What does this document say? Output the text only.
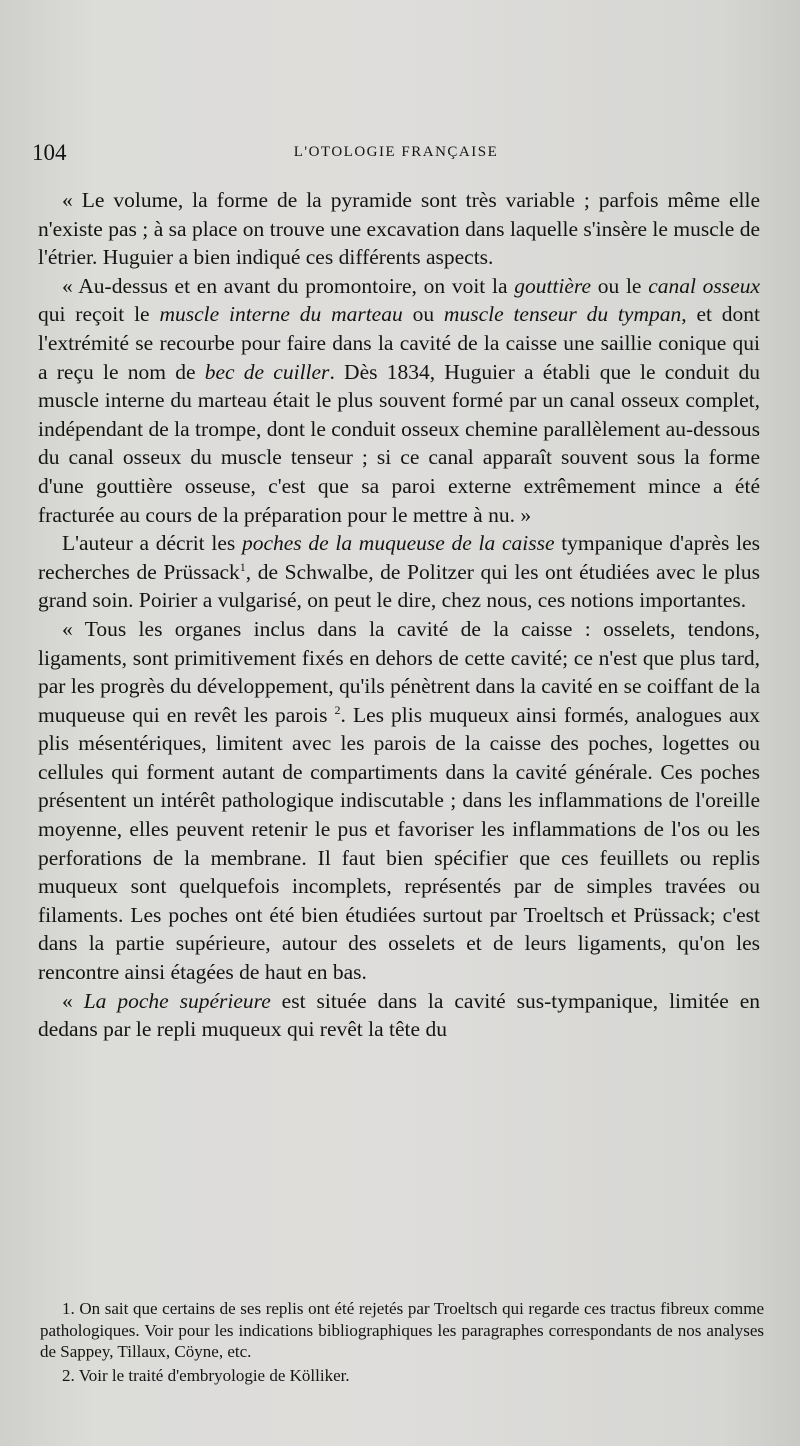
104	L'OTOLOGIE FRANÇAISE

« Le volume, la forme de la pyramide sont très variable ; parfois même elle n'existe pas ; à sa place on trouve une excavation dans laquelle s'insère le muscle de l'étrier. Huguier a bien indiqué ces différents aspects.

« Au-dessus et en avant du promontoire, on voit la gouttière ou le canal osseux qui reçoit le muscle interne du marteau ou muscle tenseur du tympan, et dont l'extrémité se recourbe pour faire dans la cavité de la caisse une saillie conique qui a reçu le nom de bec de cuiller. Dès 1834, Huguier a établi que le conduit du muscle interne du marteau était le plus souvent formé par un canal osseux complet, indépendant de la trompe, dont le conduit osseux chemine parallèlement au-dessous du canal osseux du muscle tenseur ; si ce canal apparaît souvent sous la forme d'une gouttière osseuse, c'est que sa paroi externe extrêmement mince a été fracturée au cours de la préparation pour le mettre à nu. »

L'auteur a décrit les poches de la muqueuse de la caisse tympanique d'après les recherches de Prüssack$^1$, de Schwalbe, de Politzer qui les ont étudiées avec le plus grand soin. Poirier a vulgarisé, on peut le dire, chez nous, ces notions importantes.

« Tous les organes inclus dans la cavité de la caisse : osselets, tendons, ligaments, sont primitivement fixés en dehors de cette cavité; ce n'est que plus tard, par les progrès du développement, qu'ils pénètrent dans la cavité en se coiffant de la muqueuse qui en revêt les parois $^2$. Les plis muqueux ainsi formés, analogues aux plis mésentériques, limitent avec les parois de la caisse des poches, logettes ou cellules qui forment autant de compartiments dans la cavité générale. Ces poches présentent un intérêt pathologique indiscutable ; dans les inflammations de l'oreille moyenne, elles peuvent retenir le pus et favoriser les inflammations de l'os ou les perforations de la membrane. Il faut bien spécifier que ces feuillets ou replis muqueux sont quelquefois incomplets, représentés par de simples travées ou filaments. Les poches ont été bien étudiées surtout par Troeltsch et Prüssack; c'est dans la partie supérieure, autour des osselets et de leurs ligaments, qu'on les rencontre ainsi étagées de haut en bas.

« La poche supérieure est située dans la cavité sus-tympanique, limitée en dedans par le repli muqueux qui revêt la tête du

1. On sait que certains de ses replis ont été rejetés par Troeltsch qui regarde ces tractus fibreux comme pathologiques. Voir pour les indications bibliographiques les paragraphes correspondants de nos analyses de Sappey, Tillaux, Cöyne, etc.

2. Voir le traité d'embryologie de Kölliker.
